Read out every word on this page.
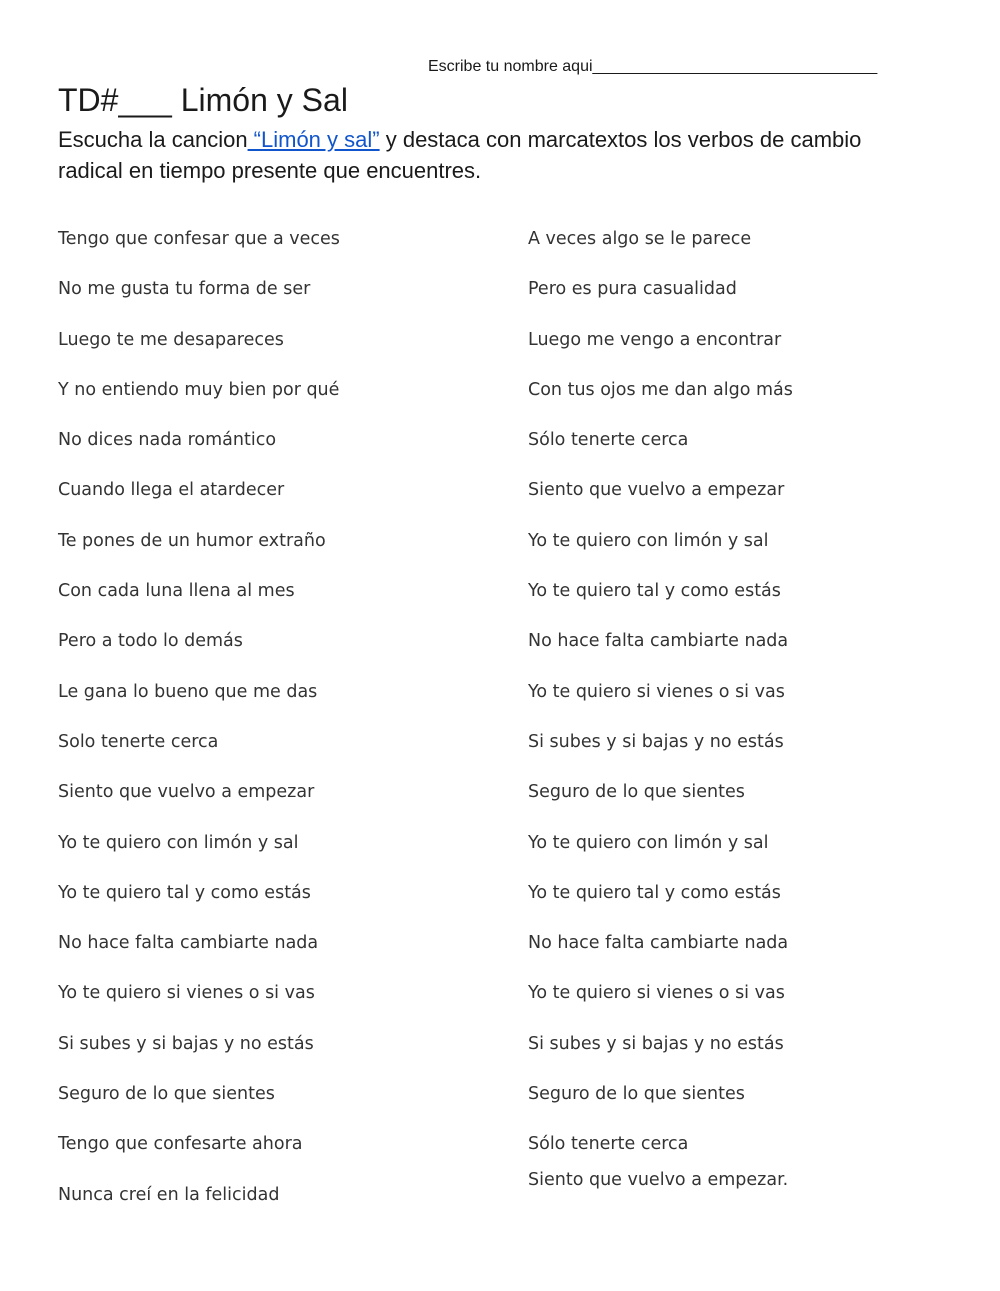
Escribe tu nombre aqui________________________________
TD#___ Limón y Sal
Escucha la cancion “Limón y sal” y destaca con marcatextos los verbos de cambio radical en tiempo presente que encuentres.
Tengo que confesar que a veces
No me gusta tu forma de ser
Luego te me desapareces
Y no entiendo muy bien por qué
No dices nada romántico
Cuando llega el atardecer
Te pones de un humor extraño
Con cada luna llena al mes
Pero a todo lo demás
Le gana lo bueno que me das
Solo tenerte cerca
Siento que vuelvo a empezar
Yo te quiero con limón y sal
Yo te quiero tal y como estás
No hace falta cambiarte nada
Yo te quiero si vienes o si vas
Si subes y si bajas y no estás
Seguro de lo que sientes
Tengo que confesarte ahora
Nunca creí en la felicidad
A veces algo se le parece
Pero es pura casualidad
Luego me vengo a encontrar
Con tus ojos me dan algo más
Sólo tenerte cerca
Siento que vuelvo a empezar
Yo te quiero con limón y sal
Yo te quiero tal y como estás
No hace falta cambiarte nada
Yo te quiero si vienes o si vas
Si subes y si bajas y no estás
Seguro de lo que sientes
Yo te quiero con limón y sal
Yo te quiero tal y como estás
No hace falta cambiarte nada
Yo te quiero si vienes o si vas
Si subes y si bajas y no estás
Seguro de lo que sientes
Sólo tenerte cerca
Siento que vuelvo a empezar.
